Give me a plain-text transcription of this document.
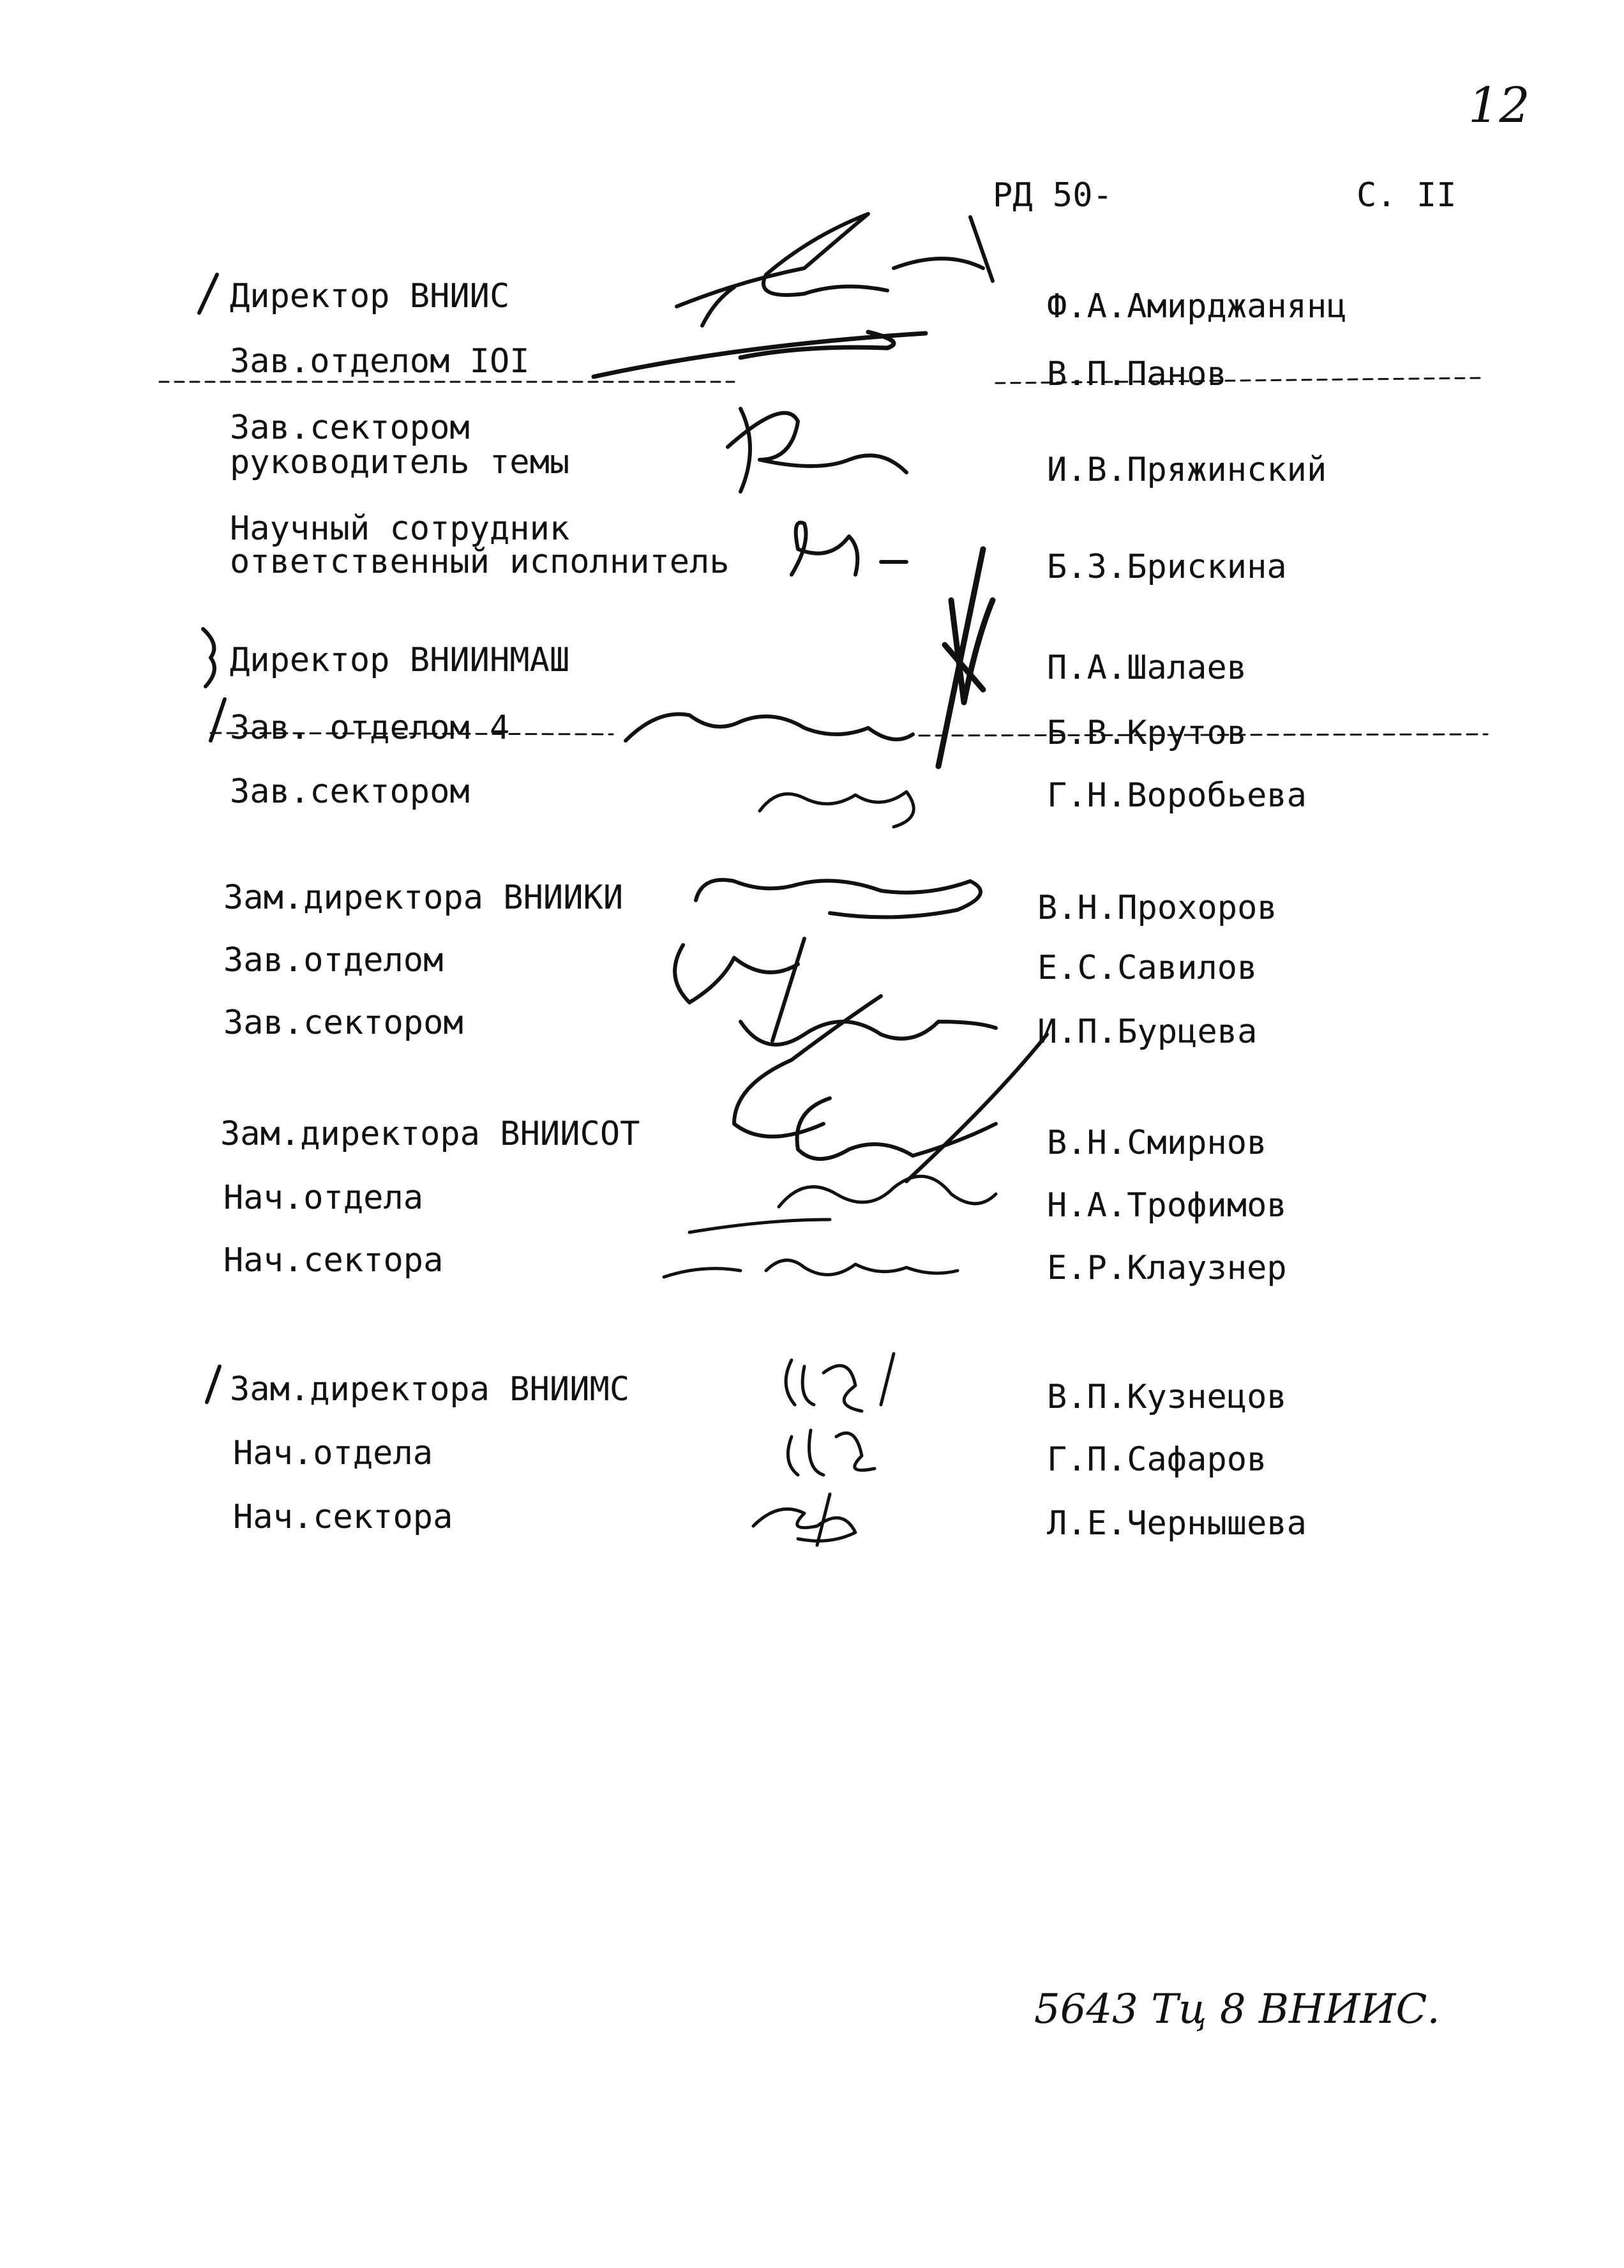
12
РД 50-	С. II
Директор ВНИИС	Ф.А.Амирджанянц
Зав.отделом IOI	В.П.Панов
Зав.сектором
руководитель темы	И.В.Пряжинский
Научный сотрудник
ответственный исполнитель	Б.З.Брискина
Директор ВНИИНМАШ	П.А.Шалаев
Зав. отделом 4	Б.В.Крутов
Зав.сектором	Г.Н.Воробьева
Зам.директора ВНИИКИ	В.Н.Прохоров
Зав.отделом	Е.С.Савилов
Зав.сектором	И.П.Бурцева
Зам.директора ВНИИСОТ	В.Н.Смирнов
Нач.отдела	Н.А.Трофимов
Нач.сектора	Е.Р.Клаузнер
Зам.директора ВНИИМС	В.П.Кузнецов
Нач.отдела	Г.П.Сафаров
Нач.сектора	Л.Е.Чернышева
5643 Тц 8 ВНИИС.
